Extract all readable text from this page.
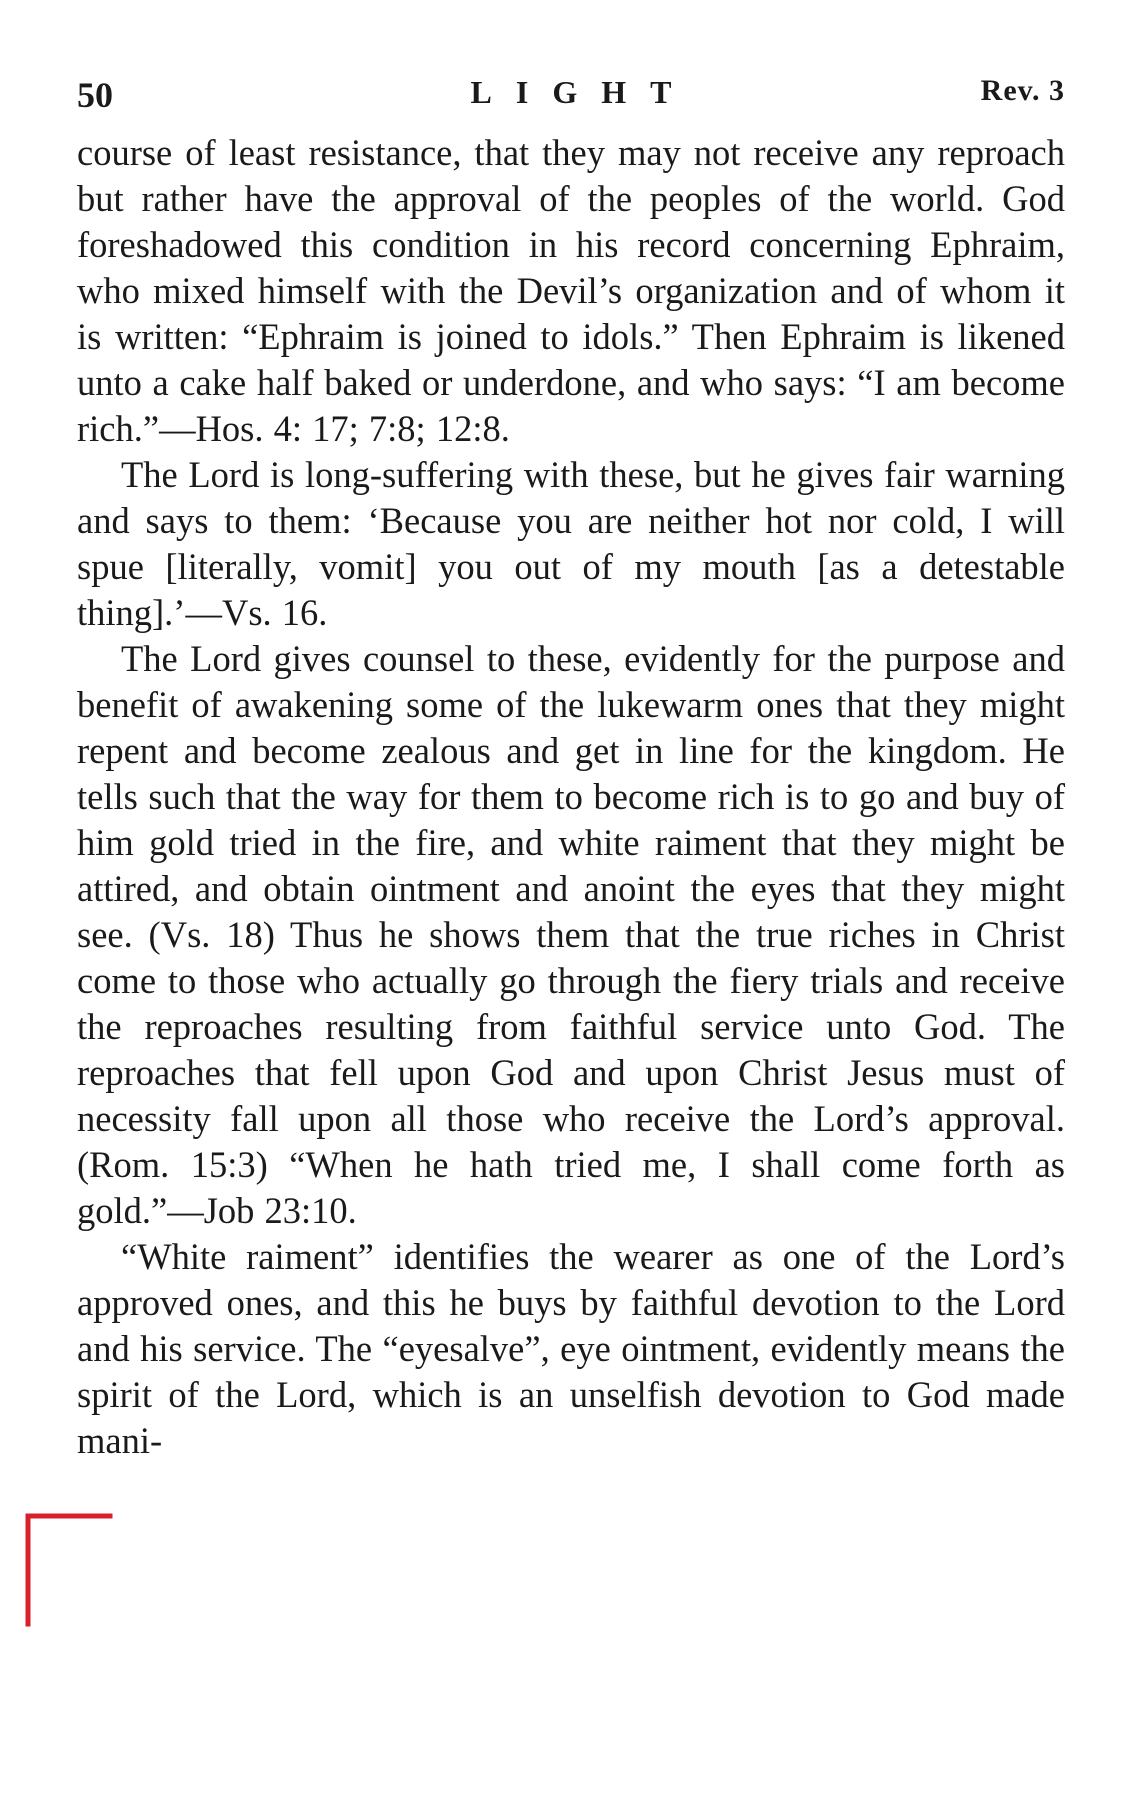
50	LIGHT	Rev. 3

course of least resistance, that they may not receive any reproach but rather have the approval of the peoples of the world. God foreshadowed this condition in his record concerning Ephraim, who mixed himself with the Devil’s organization and of whom it is written: “Ephraim is joined to idols.” Then Ephraim is likened unto a cake half baked or underdone, and who says: “I am become rich.”—Hos. 4: 17; 7:8; 12:8.

The Lord is long-suffering with these, but he gives fair warning and says to them: ‘Because you are neither hot nor cold, I will spue [literally, vomit] you out of my mouth [as a detestable thing].’—Vs. 16.

The Lord gives counsel to these, evidently for the purpose and benefit of awakening some of the lukewarm ones that they might repent and become zealous and get in line for the kingdom. He tells such that the way for them to become rich is to go and buy of him gold tried in the fire, and white raiment that they might be attired, and obtain ointment and anoint the eyes that they might see. (Vs. 18) Thus he shows them that the true riches in Christ come to those who actually go through the fiery trials and receive the reproaches resulting from faithful service unto God. The reproaches that fell upon God and upon Christ Jesus must of necessity fall upon all those who receive the Lord’s approval. (Rom. 15:3) “When he hath tried me, I shall come forth as gold.”—Job 23:10.

“White raiment” identifies the wearer as one of the Lord’s approved ones, and this he buys by faithful devotion to the Lord and his service. The “eyesalve”, eye ointment, evidently means the spirit of the Lord, which is an unselfish devotion to God made mani-
